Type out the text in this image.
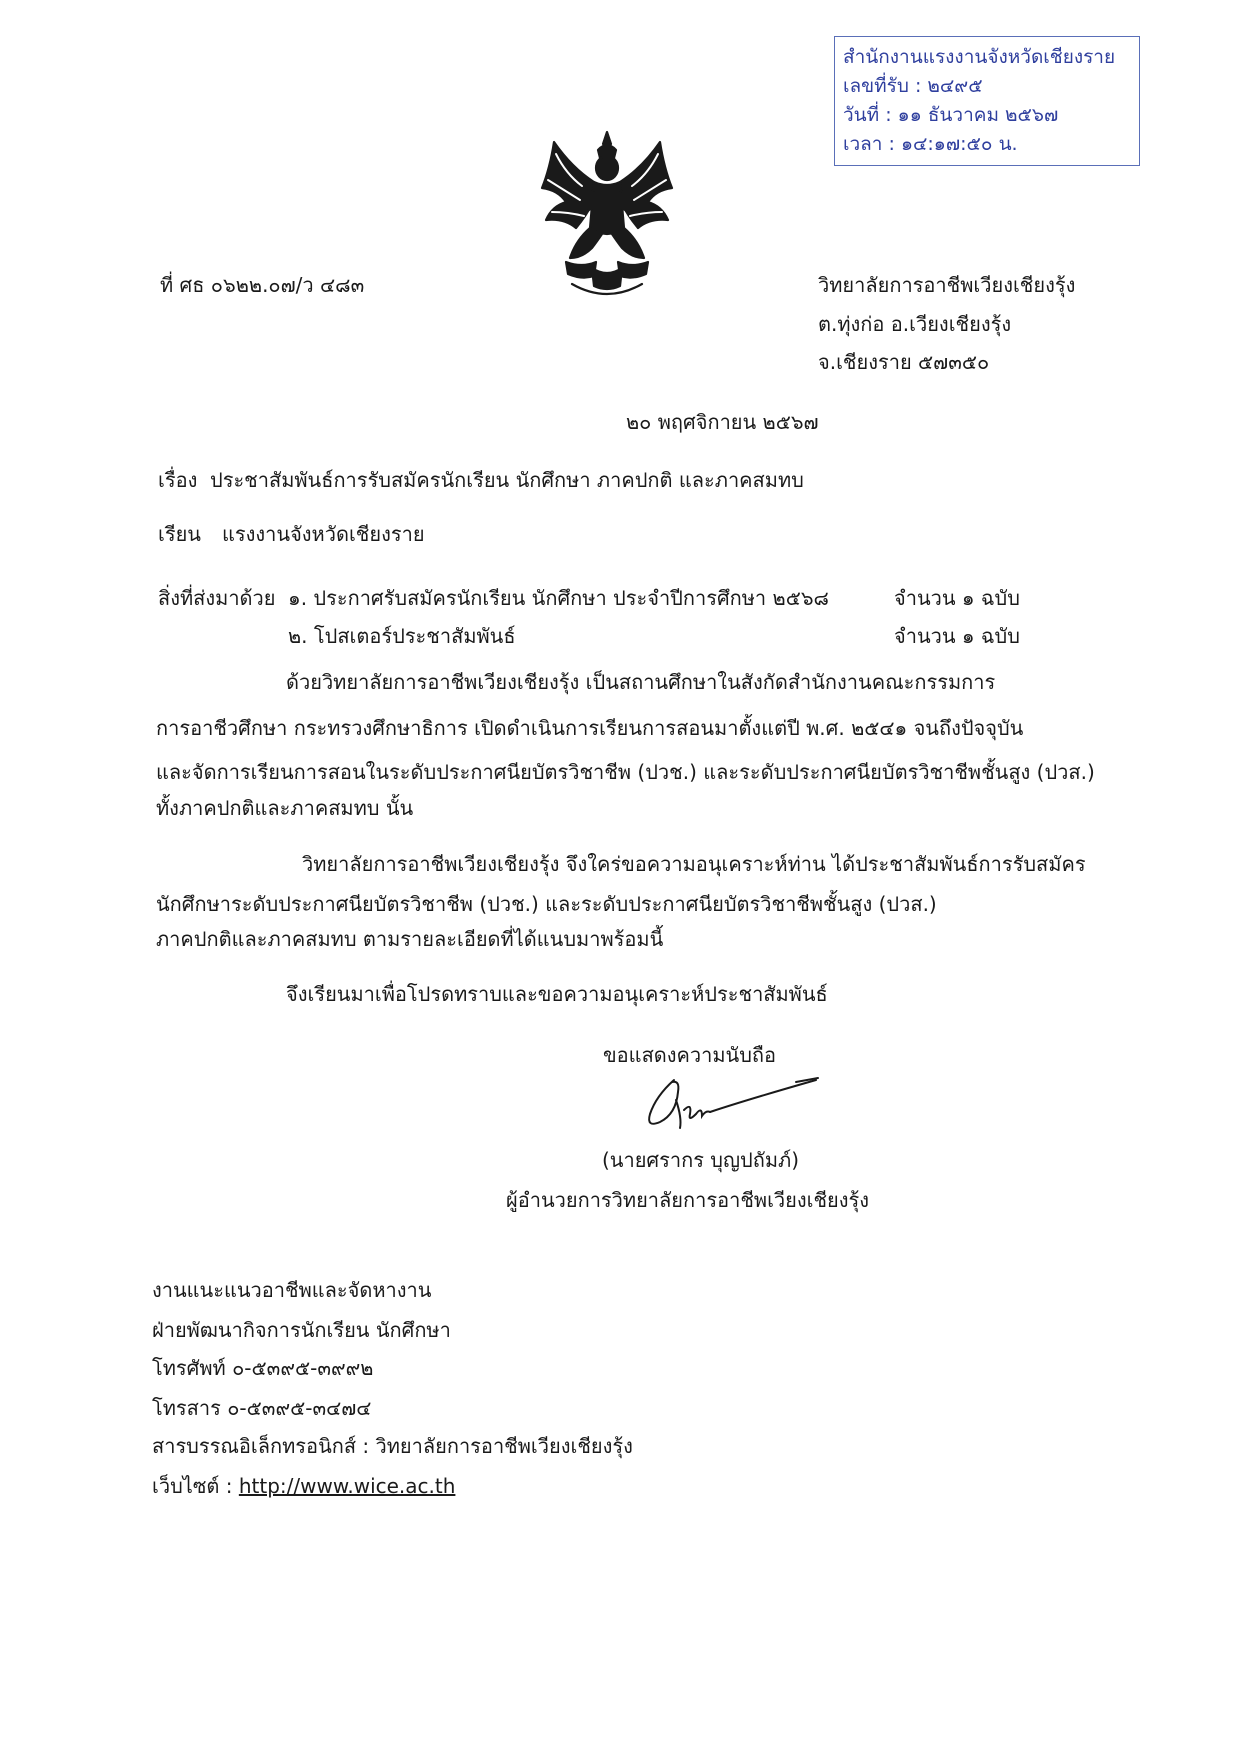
สำนักงานแรงงานจังหวัดเชียงราย
เลขที่รับ : ๒๔๙๕
วันที่ : ๑๑ ธันวาคม ๒๕๖๗
เวลา : ๑๔:๑๗:๕๐ น.
ที่ ศธ ๐๖๒๒.๐๗/ว ๔๘๓	วิทยาลัยการอาชีพเวียงเชียงรุ้ง
ต.ทุ่งก่อ อ.เวียงเชียงรุ้ง
จ.เชียงราย ๕๗๓๕๐
๒๐ พฤศจิกายน ๒๕๖๗
เรื่อง ประชาสัมพันธ์การรับสมัครนักเรียน นักศึกษา ภาคปกติ และภาคสมทบ
เรียน แรงงานจังหวัดเชียงราย
สิ่งที่ส่งมาด้วย ๑. ประกาศรับสมัครนักเรียน นักศึกษา ประจำปีการศึกษา ๒๕๖๘	จำนวน ๑ ฉบับ
๒. โปสเตอร์ประชาสัมพันธ์	จำนวน ๑ ฉบับ
ด้วยวิทยาลัยการอาชีพเวียงเชียงรุ้ง เป็นสถานศึกษาในสังกัดสำนักงานคณะกรรมการ
การอาชีวศึกษา กระทรวงศึกษาธิการ เปิดดำเนินการเรียนการสอนมาตั้งแต่ปี พ.ศ. ๒๕๔๑ จนถึงปัจจุบัน
และจัดการเรียนการสอนในระดับประกาศนียบัตรวิชาชีพ (ปวช.) และระดับประกาศนียบัตรวิชาชีพชั้นสูง (ปวส.)
ทั้งภาคปกติและภาคสมทบ นั้น
วิทยาลัยการอาชีพเวียงเชียงรุ้ง จึงใคร่ขอความอนุเคราะห์ท่าน ได้ประชาสัมพันธ์การรับสมัคร
นักศึกษาระดับประกาศนียบัตรวิชาชีพ (ปวช.) และระดับประกาศนียบัตรวิชาชีพชั้นสูง (ปวส.)
ภาคปกติและภาคสมทบ ตามรายละเอียดที่ได้แนบมาพร้อมนี้
จึงเรียนมาเพื่อโปรดทราบและขอความอนุเคราะห์ประชาสัมพันธ์
ขอแสดงความนับถือ
(นายศรากร บุญปถัมภ์)
ผู้อำนวยการวิทยาลัยการอาชีพเวียงเชียงรุ้ง
งานแนะแนวอาชีพและจัดหางาน
ฝ่ายพัฒนากิจการนักเรียน นักศึกษา
โทรศัพท์ ๐-๕๓๙๕-๓๙๙๒
โทรสาร ๐-๕๓๙๕-๓๔๗๔
สารบรรณอิเล็กทรอนิกส์ : วิทยาลัยการอาชีพเวียงเชียงรุ้ง
เว็บไซต์ : http://www.wice.ac.th
